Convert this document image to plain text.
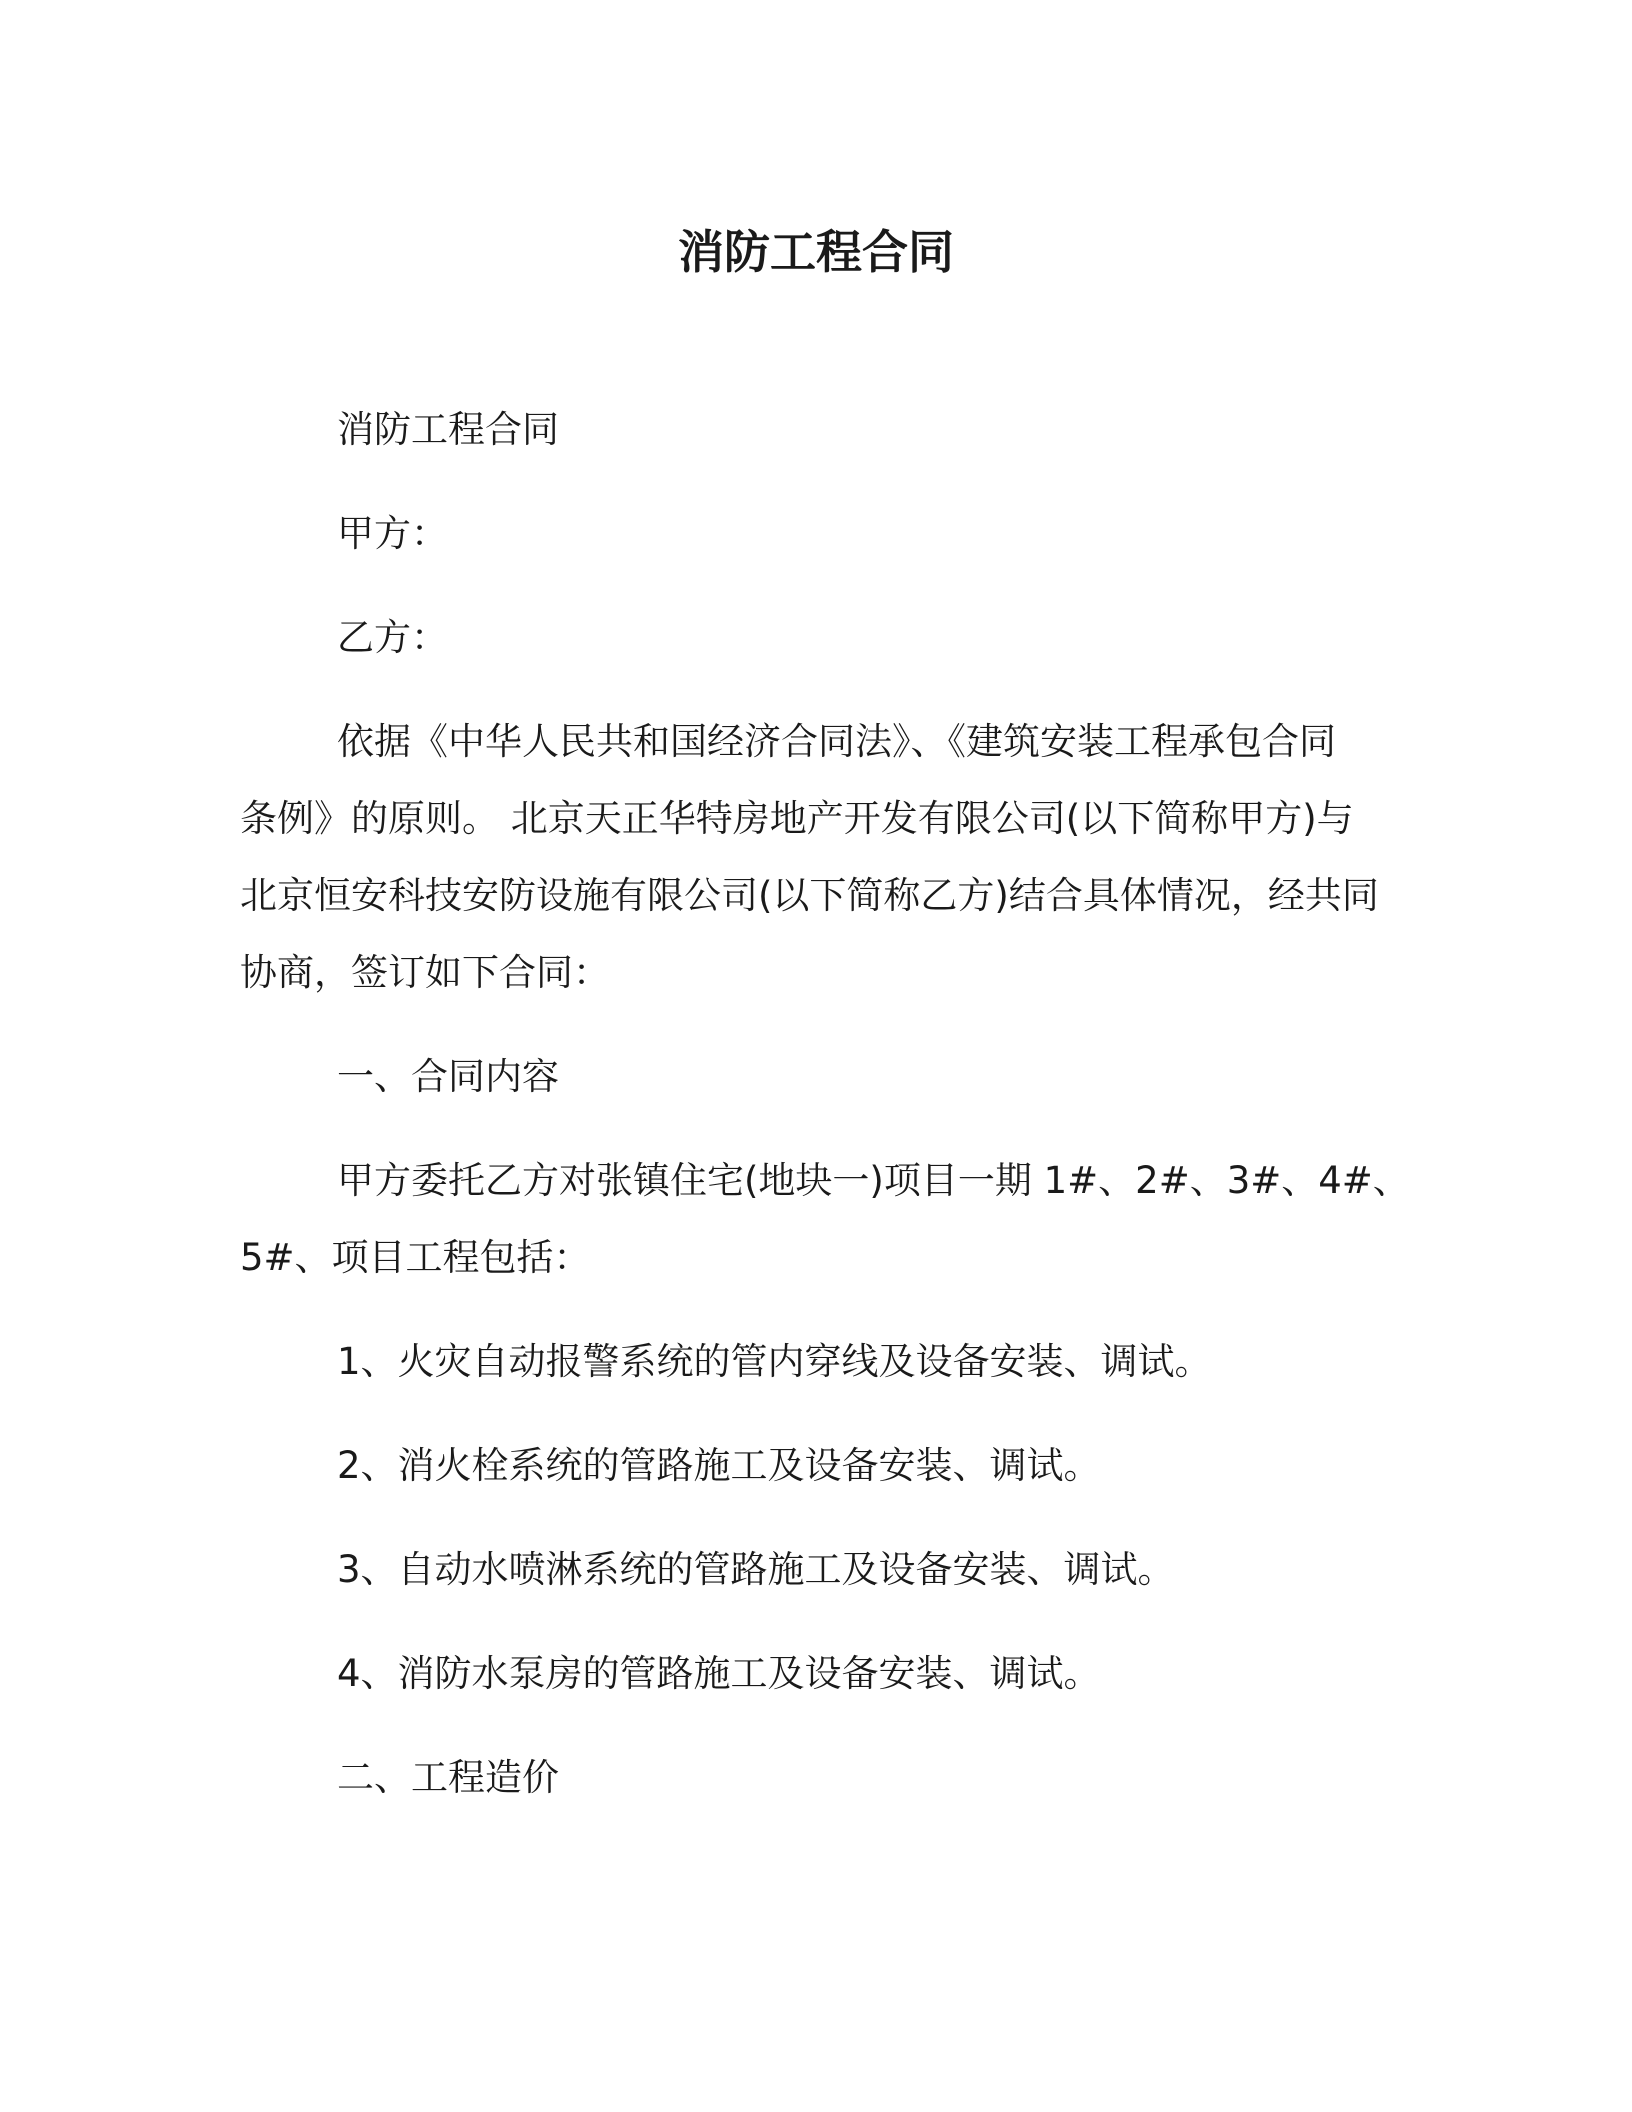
消防工程合同

消防工程合同

甲方：

乙方：

依据《中华人民共和国经济合同法》、《建筑安装工程承包合同
条例》的原则。 北京天正华特房地产开发有限公司(以下简称甲方)与
北京恒安科技安防设施有限公司(以下简称乙方)结合具体情况，经共同
协商，签订如下合同：

一、合同内容

甲方委托乙方对张镇住宅(地块一)项目一期 1#、2#、3#、4#、
5#、项目工程包括：

1、火灾自动报警系统的管内穿线及设备安装、调试。

2、消火栓系统的管路施工及设备安装、调试。

3、自动水喷淋系统的管路施工及设备安装、调试。

4、消防水泵房的管路施工及设备安装、调试。

二、工程造价
